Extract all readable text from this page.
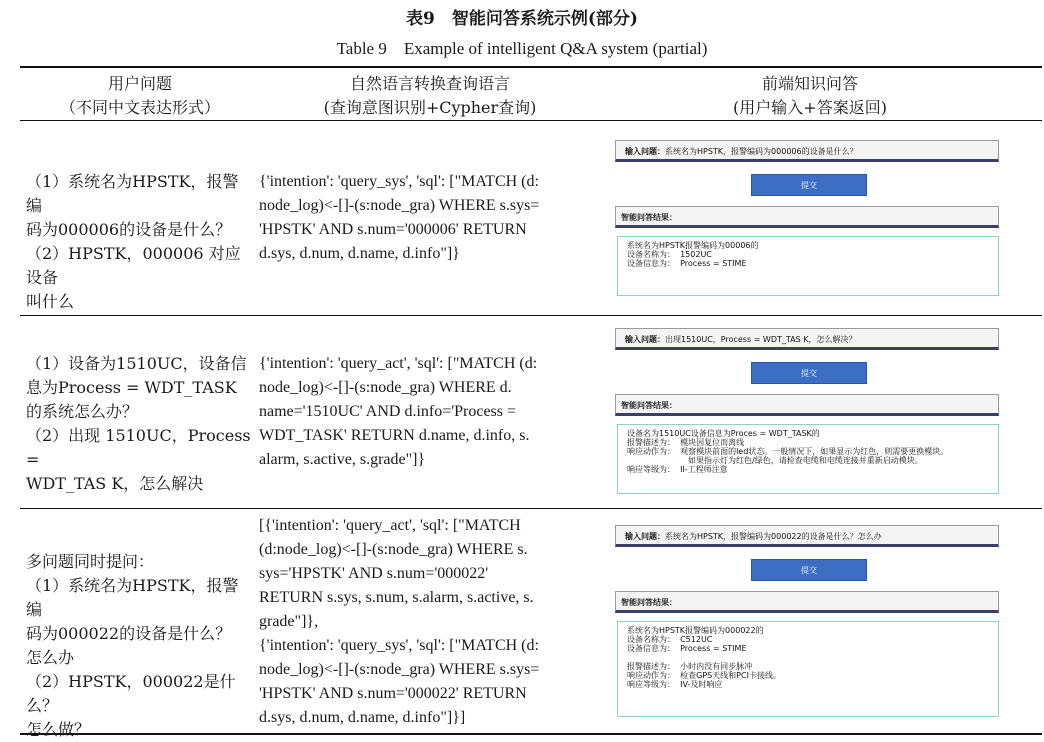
表9　智能问答系统示例(部分)
Table 9　Example of intelligent Q&A system (partial)
用户问题
（不同中文表达形式）
自然语言转换查询语言
(查询意图识别+Cypher查询)
前端知识问答
(用户输入+答案返回)
（1）系统名为HPSTK，报警编
码为000006的设备是什么？
（2）HPSTK，000006 对应设备
叫什么
{'intention': 'query_sys', 'sql': ["MATCH (d:
node_log)<-[]-(s:node_gra) WHERE s.sys=
'HPSTK' AND s.num='000006' RETURN
d.sys, d.num, d.name, d.info"]}
输入问题：系统名为HPSTK，报警编码为000006的设备是什么？
提交
智能问答结果：
系统名为HPSTK报警编码为00006的
设备名称为：  1502UC
设备信息为：  Process = STIME
（1）设备为1510UC，设备信
息为Process = WDT_TASK
的系统怎么办？
（2）出现 1510UC，Process =
WDT_TAS K，怎么解决
{'intention': 'query_act', 'sql': ["MATCH (d:
node_log)<-[]-(s:node_gra) WHERE d.
name='1510UC' AND d.info='Process =
WDT_TASK' RETURN d.name, d.info, s.
alarm, s.active, s.grade"]}
输入问题：出现1510UC，Process = WDT_TAS K，怎么解决？
提交
智能问答结果：
设备名为1510UC设备信息为Proces = WDT_TASK的
报警描述为：  模块因复位而离线
响应动作为：  观察模块前面的led状态。一般情况下，如果显示为红色，则需要更换模块。
如果指示灯为红色/绿色，请检查电缆和电缆连接并重新启动模块。
响应等级为：  II-工程师注意
多问题同时提问：
（1）系统名为HPSTK，报警编
码为000022的设备是什么？
怎么办
（2）HPSTK，000022是什么？
怎么做？
[{'intention': 'query_act', 'sql': ["MATCH
(d:node_log)<-[]-(s:node_gra) WHERE s.
sys='HPSTK' AND s.num='000022'
RETURN s.sys, s.num, s.alarm, s.active, s.
grade"]},
{'intention': 'query_sys', 'sql': ["MATCH (d:
node_log)<-[]-(s:node_gra) WHERE s.sys=
'HPSTK' AND s.num='000022' RETURN
d.sys, d.num, d.name, d.info"]}]
输入问题：系统名为HPSTK，报警编码为000022的设备是什么？怎么办
提交
智能问答结果：
系统名为HPSTK报警编码为000022的
设备名称为：  C512UC
设备信息为：  Process = STIME

报警描述为：  小时内没有同步脉冲
响应动作为：  检查GPS天线和PCI卡接线。
响应等级为：  IV-及时响应
